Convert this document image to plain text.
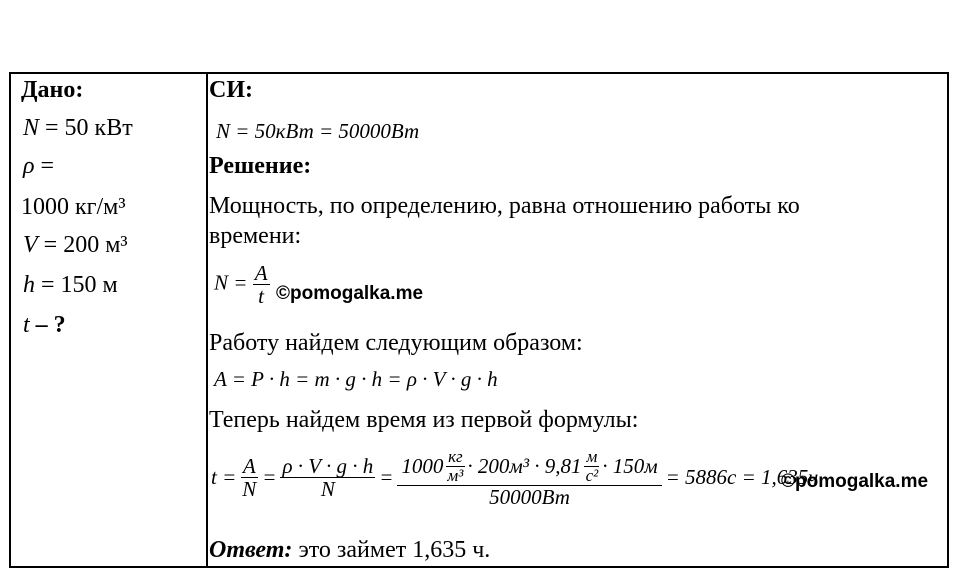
Дано:
N = 50 кВт
ρ =
1000 кг/м³
V = 200 м³
h = 150 м
t – ?
СИ:
N = 50кВт = 50000Вт
Решение:
Мощность, по определению, равна отношению работы ко
времени:
$N = \frac{A}{t}$ ©pomogalka.me
Работу найдем следующим образом:
A = P · h = m · g · h = ρ · V · g · h
Теперь найдем время из первой формулы:
$t = \frac{A}{N} = \frac{\rho \cdot V \cdot g \cdot h}{N} = 1000 \frac{кг}{\text{м³}} \cdot 200м^3 \cdot 9,81 \frac{м}{\text{с²}} \cdot 150м$
50000Вт
= 5886с = 1,635ч
©pomogalka.me
Ответ: это займет 1,635 ч.
